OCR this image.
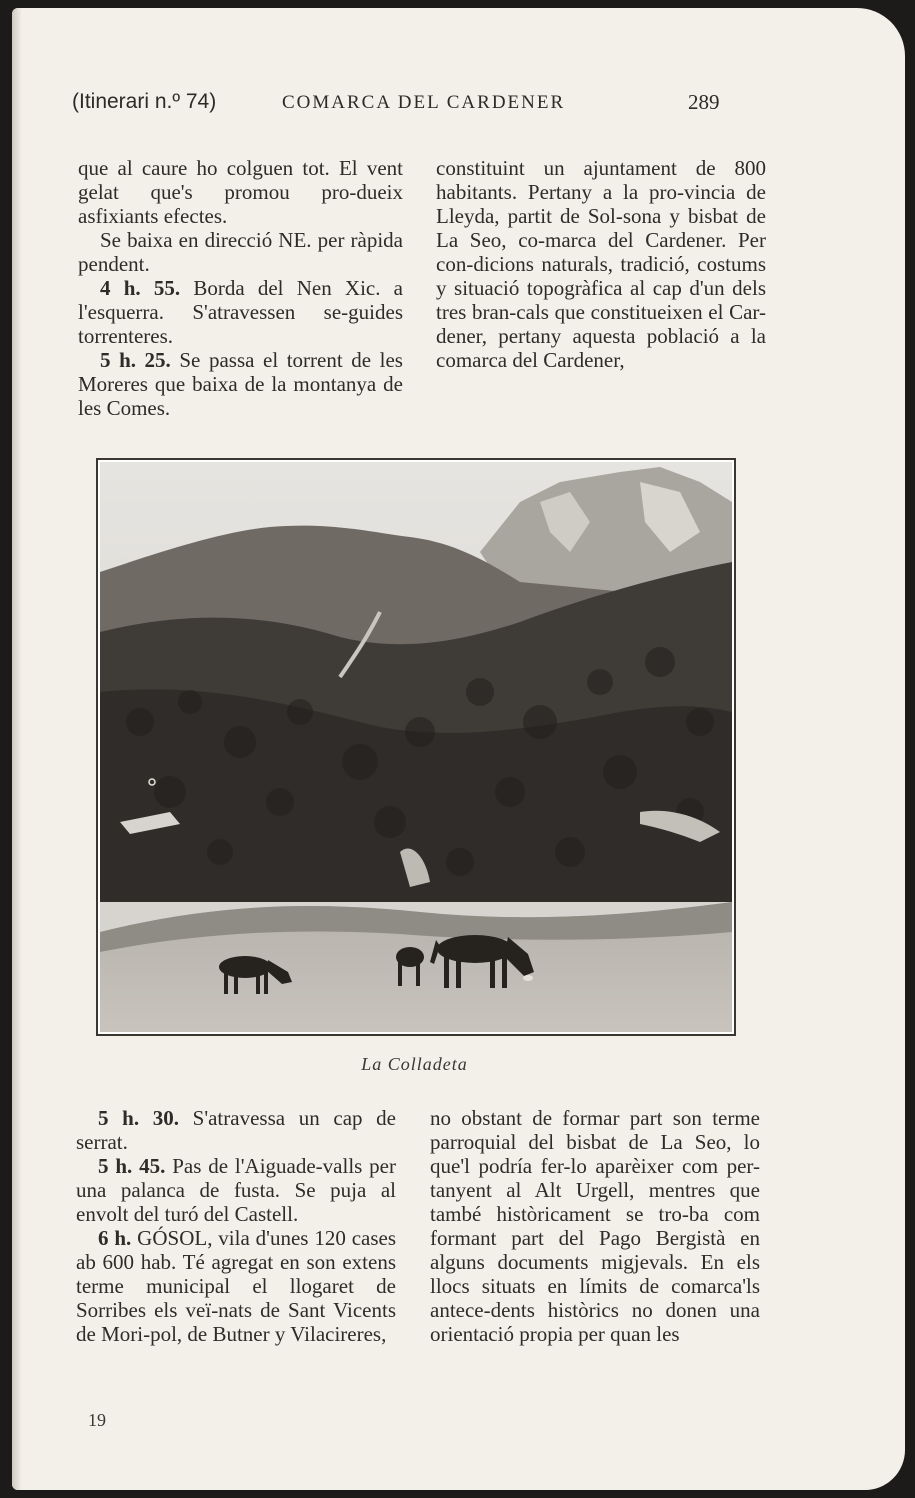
(Itinerari n.º 74)	COMARCA DEL CARDENER	289

que al caure ho colguen tot. El vent gelat que's promou pro-dueix asfixiants efectes.

Se baixa en direcció NE. per ràpida pendent.

4 h. 55. Borda del Nen Xic. a l'esquerra. S'atravessen se-guides torrenteres.

5 h. 25. Se passa el torrent de les Moreres que baixa de la montanya de les Comes.

constituint un ajuntament de 800 habitants. Pertany a la pro-vincia de Lleyda, partit de Sol-sona y bisbat de La Seo, co-marca del Cardener. Per con-dicions naturals, tradició, costums y situació topogràfica al cap d'un dels tres bran-cals que constitueixen el Car-dener, pertany aquesta població a la comarca del Cardener,

La Colladeta

5 h. 30. S'atravessa un cap de serrat.

5 h. 45. Pas de l'Aiguade-valls per una palanca de fusta. Se puja al envolt del turó del Castell.

6 h. GÓSOL, vila d'unes 120 cases ab 600 hab. Té agregat en son extens terme municipal el llogaret de Sorribes els veï-nats de Sant Vicents de Mori-pol, de Butner y Vilacireres,

no obstant de formar part son terme parroquial del bisbat de La Seo, lo que'l podría fer-lo aparèixer com per-tanyent al Alt Urgell, mentres que també històricament se tro-ba com formant part del Pago Bergistà en alguns documents migjevals. En els llocs situats en límits de comarca'ls antece-dents històrics no donen una orientació propia per quan les

19
